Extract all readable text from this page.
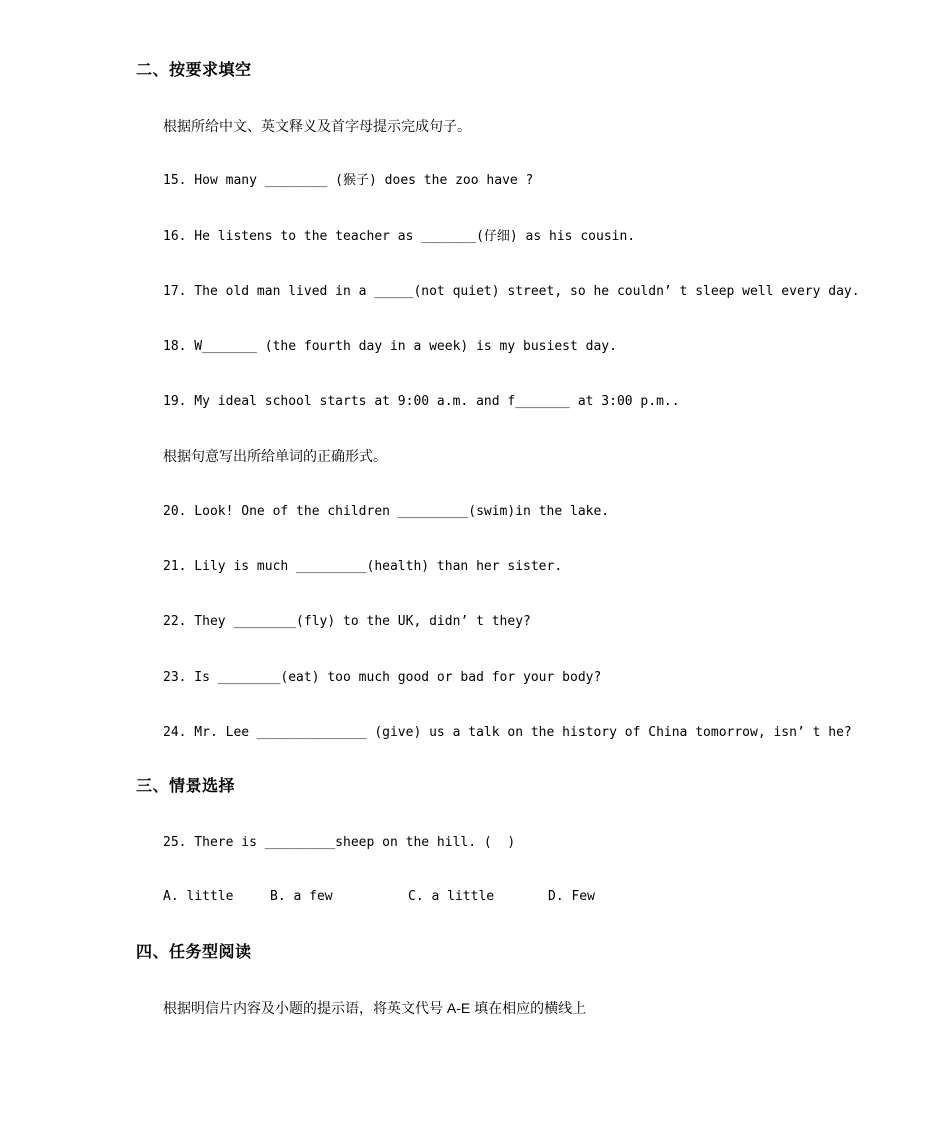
二、按要求填空
根据所给中文、英文释义及首字母提示完成句子。
15. How many ________ (猴子) does the zoo have ?
16. He listens to the teacher as _______(仔细) as his cousin.
17. The old man lived in a _____(not quiet) street, so he couldn’ t sleep well every day.
18. W_______ (the fourth day in a week) is my busiest day.
19. My ideal school starts at 9:00 a.m. and f_______ at 3:00 p.m..
根据句意写出所给单词的正确形式。
20. Look! One of the children _________(swim)in the lake.
21. Lily is much _________(health) than her sister.
22. They ________(fly) to the UK, didn’ t they?
23. Is ________(eat) too much good or bad for your body?
24. Mr. Lee ______________ (give) us a talk on the history of China tomorrow, isn’ t he?
三、情景选择
25. There is _________sheep on the hill. (  )
A. little	B. a few	C. a little	D. Few
四、任务型阅读
根据明信片内容及小题的提示语，将英文代号 A-E 填在相应的横线上
